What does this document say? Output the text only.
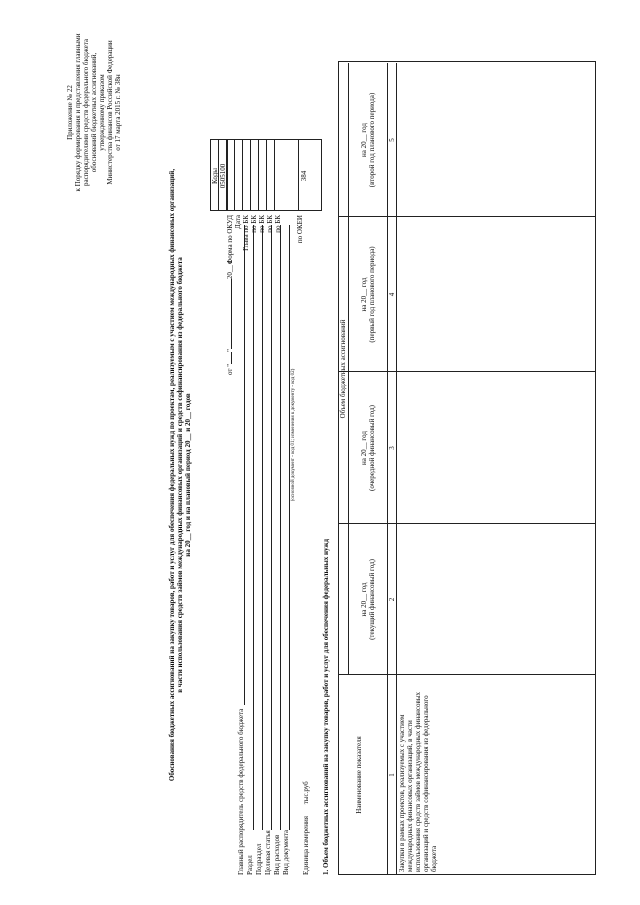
Приложение № 22 к Порядку формирования и представления главными распорядителями средств федерального бюджета обоснований бюджетных ассигнований, утвержденному приказом Министерства финансов Российской Федерации от 17 марта 2015 г. № 38н
Обоснования бюджетных ассигнований на закупку товаров, работ и услуг для обеспечения федеральных нужд по проектам, реализуемым с участием международных финансовых организаций, в части использования средств займов международных финансовых организаций и средств софинансирования из федерального бюджета на 20__ год и на плановый период 20__ и 20__ годов
от ""20__ г.
Главный распорядитель средств федерального бюджета Раздел Подраздел Целевая статья Вид расходов Вид документа
(основной документ - код 01; изменения к документу - код 02)
Единица измерения тыс.руб
Форма по ОКУД Дата Глава по БК по БК по БК по БК по БК по ОКЕИ
Коды 0505100	384
1. Объем бюджетных ассигнований на закупку товаров, работ и услуг для обеспечения федеральных нужд	Наименование показателя
Объем бюджетных ассигнований
на 20__ год (текущий финансовый год)
на 20__ год (очередной финансовый год)
на 20__ год (первый год планового периода)
на 20__ год (второй год планового периода)
1
2
3
4
5
Закупки в рамках проектов, реализуемых с участием международных финансовых организаций, в части использования средств займов международных финансовых организаций и средств софинансирования из федерального бюджета
